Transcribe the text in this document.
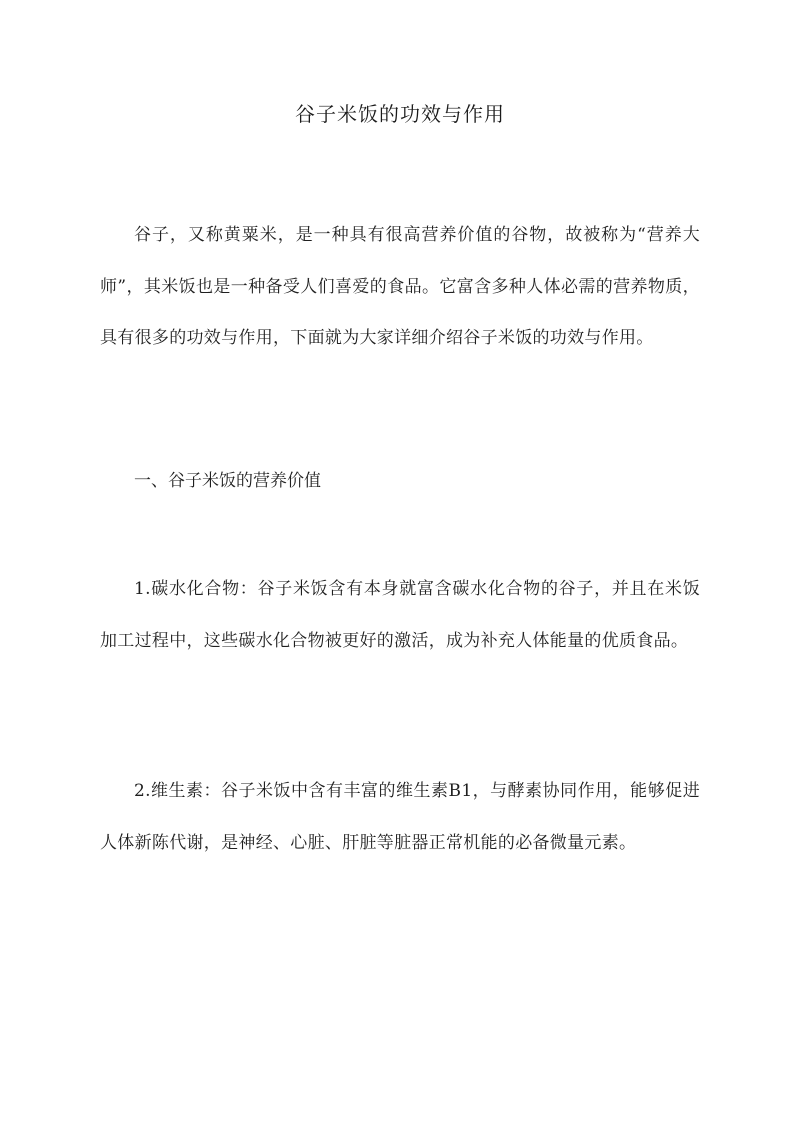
谷子米饭的功效与作用

谷子，又称黄粟米，是一种具有很高营养价值的谷物，故被称为“营养大师”，其米饭也是一种备受人们喜爱的食品。它富含多种人体必需的营养物质，具有很多的功效与作用，下面就为大家详细介绍谷子米饭的功效与作用。

一、谷子米饭的营养价值

1.碳水化合物：谷子米饭含有本身就富含碳水化合物的谷子，并且在米饭加工过程中，这些碳水化合物被更好的激活，成为补充人体能量的优质食品。

2.维生素：谷子米饭中含有丰富的维生素B1，与酵素协同作用，能够促进人体新陈代谢，是神经、心脏、肝脏等脏器正常机能的必备微量元素。
